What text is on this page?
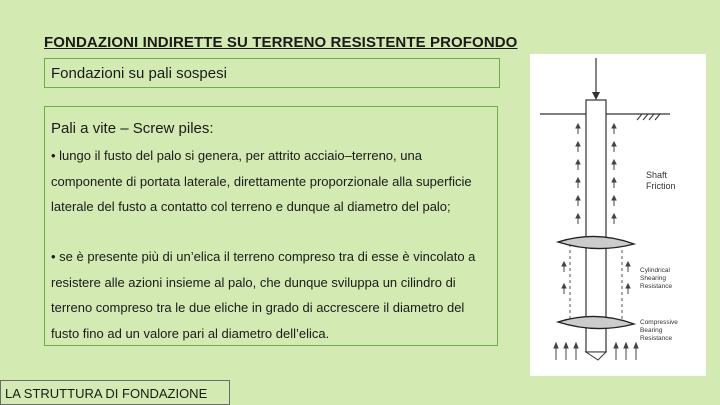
FONDAZIONI INDIRETTE SU TERRENO RESISTENTE PROFONDO
Fondazioni su pali sospesi
Pali a vite – Screw piles:

• lungo il fusto del palo si genera, per attrito acciaio–terreno, una componente di portata laterale, direttamente proporzionale alla superficie laterale del fusto a contatto col terreno e dunque al diametro del palo;

• se è presente più di un’elica il terreno compreso tra di esse è vincolato a resistere alle azioni insieme al palo, che dunque sviluppa un cilindro di terreno compreso tra le due eliche in grado di accrescere il diametro del fusto fino ad un valore pari al diametro dell’elica.

Shaft
Friction
Cylindrical
Shearing
Resistance
Compressive
Bearing
Resistance
LA STRUTTURA DI FONDAZIONE
